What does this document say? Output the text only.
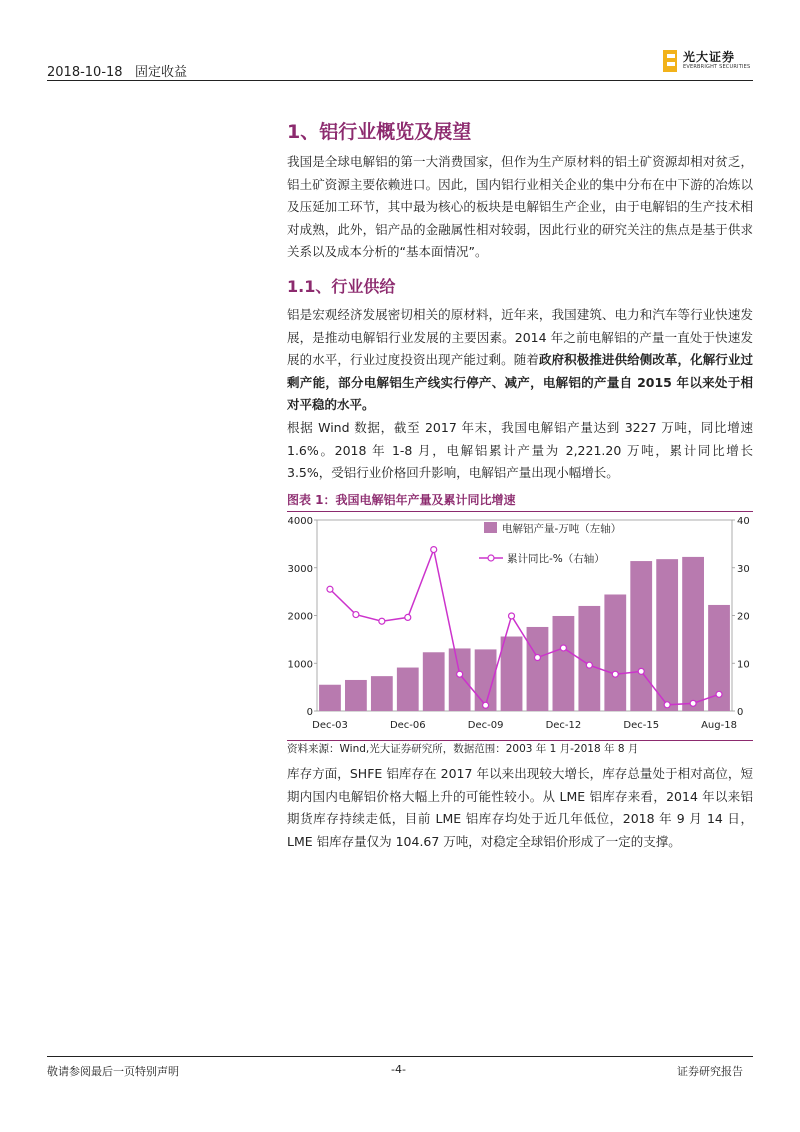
2018-10-18 固定收益
光大证券
EVERBRIGHT SECURITIES
1、铝行业概览及展望
我国是全球电解铝的第一大消费国家，但作为生产原材料的铝土矿资源却相对贫乏，铝土矿资源主要依赖进口。因此，国内铝行业相关企业的集中分布在中下游的冶炼以及压延加工环节，其中最为核心的板块是电解铝生产企业，由于电解铝的生产技术相对成熟，此外，铝产品的金融属性相对较弱，因此行业的研究关注的焦点是基于供求关系以及成本分析的“基本面情况”。
1.1、行业供给
铝是宏观经济发展密切相关的原材料，近年来，我国建筑、电力和汽车等行业快速发展，是推动电解铝行业发展的主要因素。2014 年之前电解铝的产量一直处于快速发展的水平，行业过度投资出现产能过剩。随着政府积极推进供给侧改革，化解行业过剩产能，部分电解铝生产线实行停产、减产，电解铝的产量自 2015 年以来处于相对平稳的水平。
根据 Wind 数据，截至 2017 年末，我国电解铝产量达到 3227 万吨，同比增速 1.6%。2018 年 1-8 月，电解铝累计产量为 2,221.20 万吨，累计同比增长 3.5%，受铝行业价格回升影响，电解铝产量出现小幅增长。
图表 1：我国电解铝年产量及累计同比增速
0
1000
2000
3000
4000
0
10
20
30
40
Dec-03	Dec-06	Dec-09	Dec-12	Dec-15	Aug-18
电解铝产量-万吨（左轴）
累计同比-%（右轴）
资料来源：Wind,光大证券研究所，数据范围：2003 年 1 月-2018 年 8 月
库存方面，SHFE 铝库存在 2017 年以来出现较大增长，库存总量处于相对高位，短期内国内电解铝价格大幅上升的可能性较小。从 LME 铝库存来看，2014 年以来铝期货库存持续走低，目前 LME 铝库存均处于近几年低位，2018 年 9 月 14 日，LME 铝库存量仅为 104.67 万吨，对稳定全球铝价形成了一定的支撑。
敬请参阅最后一页特别声明	-4-	证券研究报告
